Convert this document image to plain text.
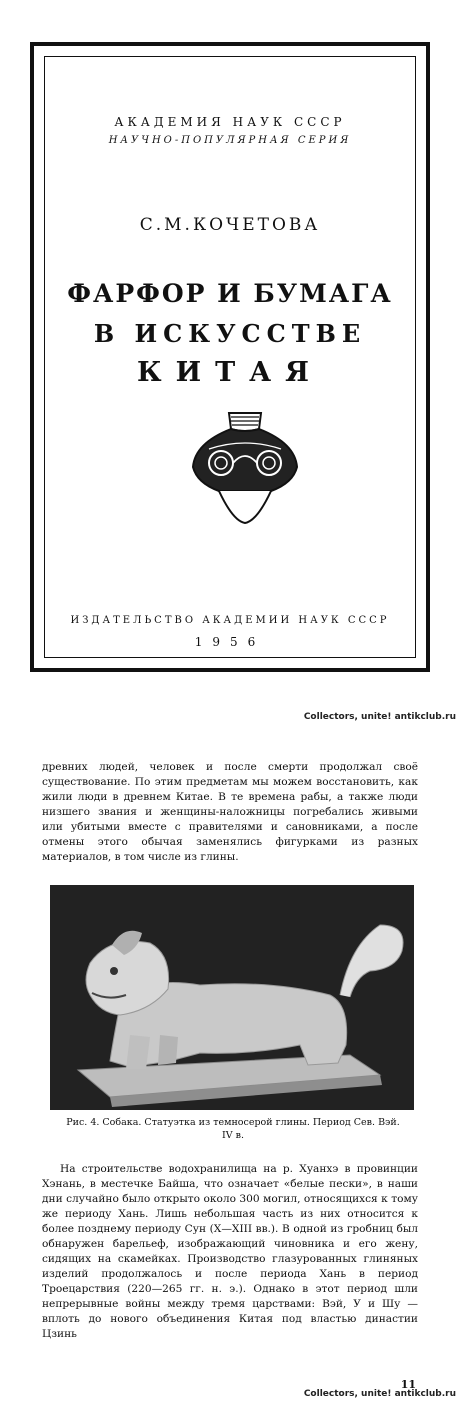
АКАДЕМИЯ НАУК СССР
НАУЧНО-ПОПУЛЯРНАЯ СЕРИЯ
С.М.КОЧЕТОВА
ФАРФОР И БУМАГА
В ИСКУССТВЕ
КИТАЯ
ИЗДАТЕЛЬСТВО АКАДЕМИИ НАУК СССР
1956
Collectors, unite! antikclub.ru

древних людей, человек и после смерти продолжал своё существование. По этим предметам мы можем восстановить, как жили люди в древнем Китае. В те времена рабы, а также люди низшего звания и женщины-наложницы погребались живыми или убитыми вместе с правителями и сановниками, а после отмены этого обычая заменялись фигурками из разных материалов, в том числе из глины.

Рис. 4. Собака. Статуэтка из темносерой глины. Период Сев. Вэй. IV в.

На строительстве водохранилища на р. Хуанхэ в провинции Хэнань, в местечке Байша, что означает «белые пески», в наши дни случайно было открыто около 300 могил, относящихся к тому же периоду Хань. Лишь небольшая часть из них относится к более позднему периоду Сун (X—XIII вв.). В одной из гробниц был обнаружен барельеф, изображающий чиновника и его жену, сидящих на скамейках. Производство глазурованных глиняных изделий продолжалось и после периода Хань в период Троецарствия (220—265 гг. н. э.). Однако в этот период шли непрерывные войны между тремя царствами: Вэй, У и Шу — вплоть до нового объединения Китая под властью династии Цзинь

11
Collectors, unite! antikclub.ru
